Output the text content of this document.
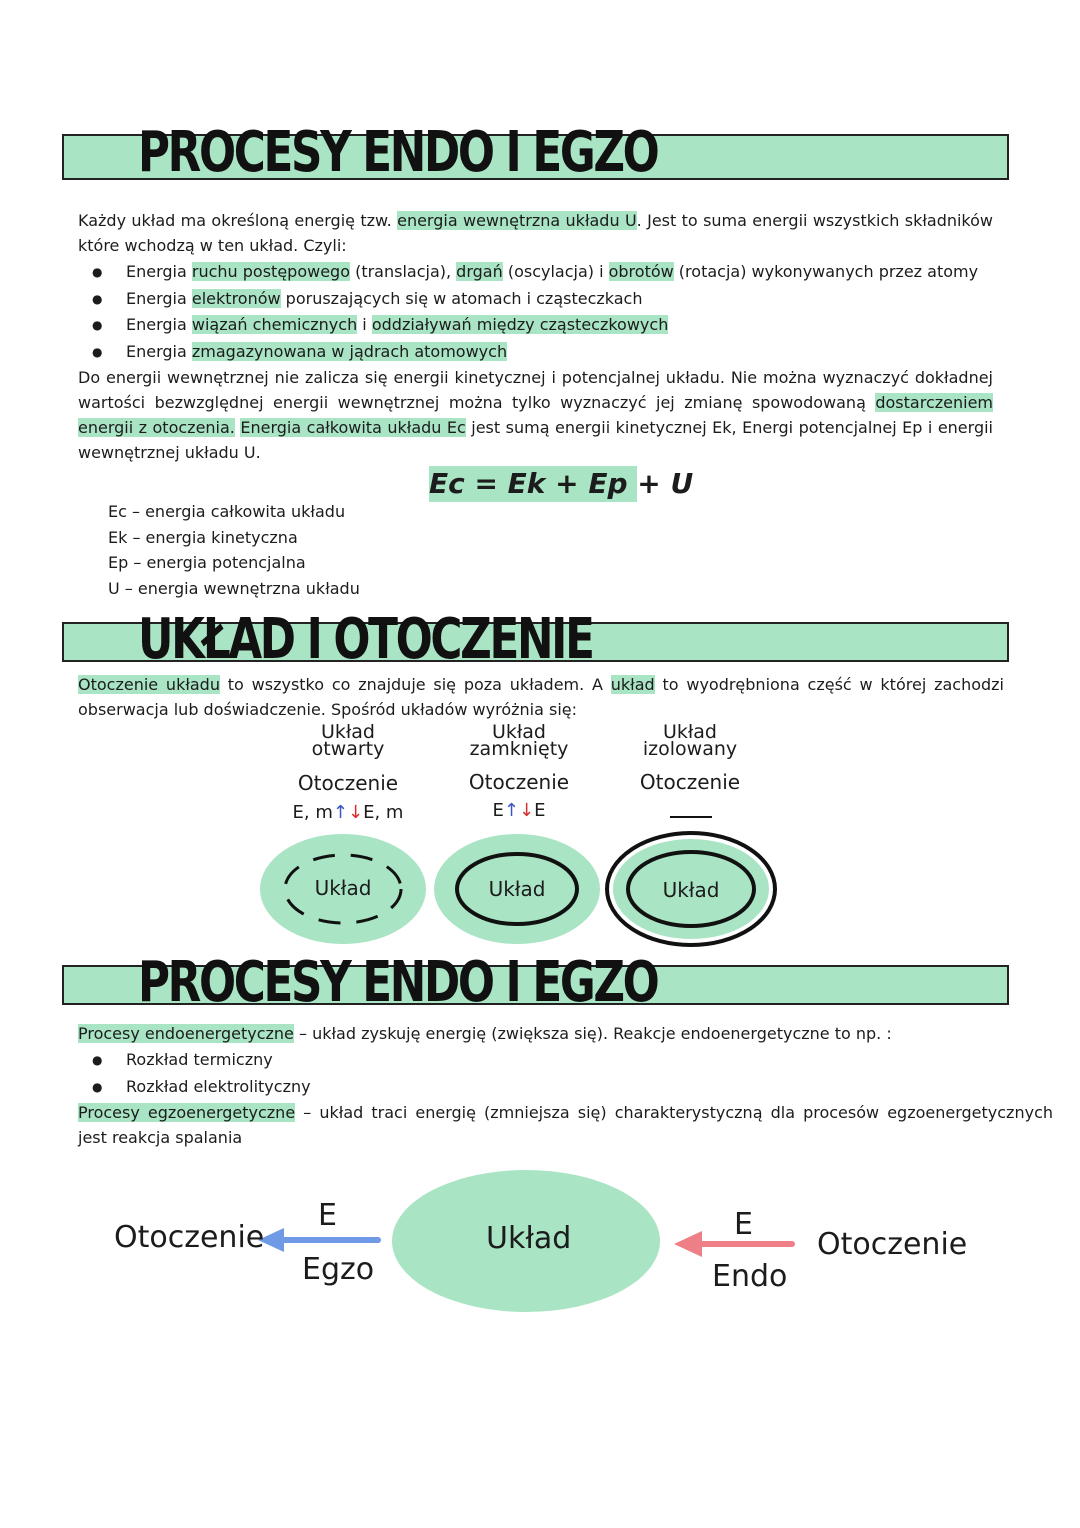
PROCESY ENDO I EGZO
Każdy układ ma określoną energię tzw. energia wewnętrzna układu U. Jest to suma energii wszystkich składników które wchodzą w ten układ. Czyli:
● Energia ruchu postępowego (translacja), drgań (oscylacja) i obrotów (rotacja) wykonywanych przez atomy
● Energia elektronów poruszających się w atomach i cząsteczkach
● Energia wiązań chemicznych i oddziaływań między cząsteczkowych
● Energia zmagazynowana w jądrach atomowych
Do energii wewnętrznej nie zalicza się energii kinetycznej i potencjalnej układu. Nie można wyznaczyć dokładnej wartości bezwzględnej energii wewnętrznej można tylko wyznaczyć jej zmianę spowodowaną dostarczeniem energii z otoczenia. Energia całkowita układu Ec jest sumą energii kinetycznej Ek, Energi potencjalnej Ep i energii wewnętrznej układu U.
Ec = Ek + Ep + U
Ec – energia całkowita układu
Ek – energia kinetyczna
Ep – energia potencjalna
U – energia wewnętrzna układu
UKŁAD I OTOCZENIE
Otoczenie układu to wszystko co znajduje się poza układem. A układ to wyodrębniona część w której zachodzi obserwacja lub doświadczenie. Spośród układów wyróżnia się:
Układ
otwarty
Układ
zamknięty
Układ
izolowany
Otoczenie	Otoczenie	Otoczenie
E, m↑↓E, m	E↑↓E
Układ	Układ	Układ
PROCESY ENDO I EGZO
Procesy endoenergetyczne – układ zyskuję energię (zwiększa się). Reakcje endoenergetyczne to np. :
● Rozkład termiczny
● Rozkład elektrolityczny
Procesy egzoenergetyczne – układ traci energię (zmniejsza się) charakterystyczną dla procesów egzoenergetycznych jest reakcja spalania
Otoczenie
E
Egzo
Układ	E
Endo
Otoczenie
